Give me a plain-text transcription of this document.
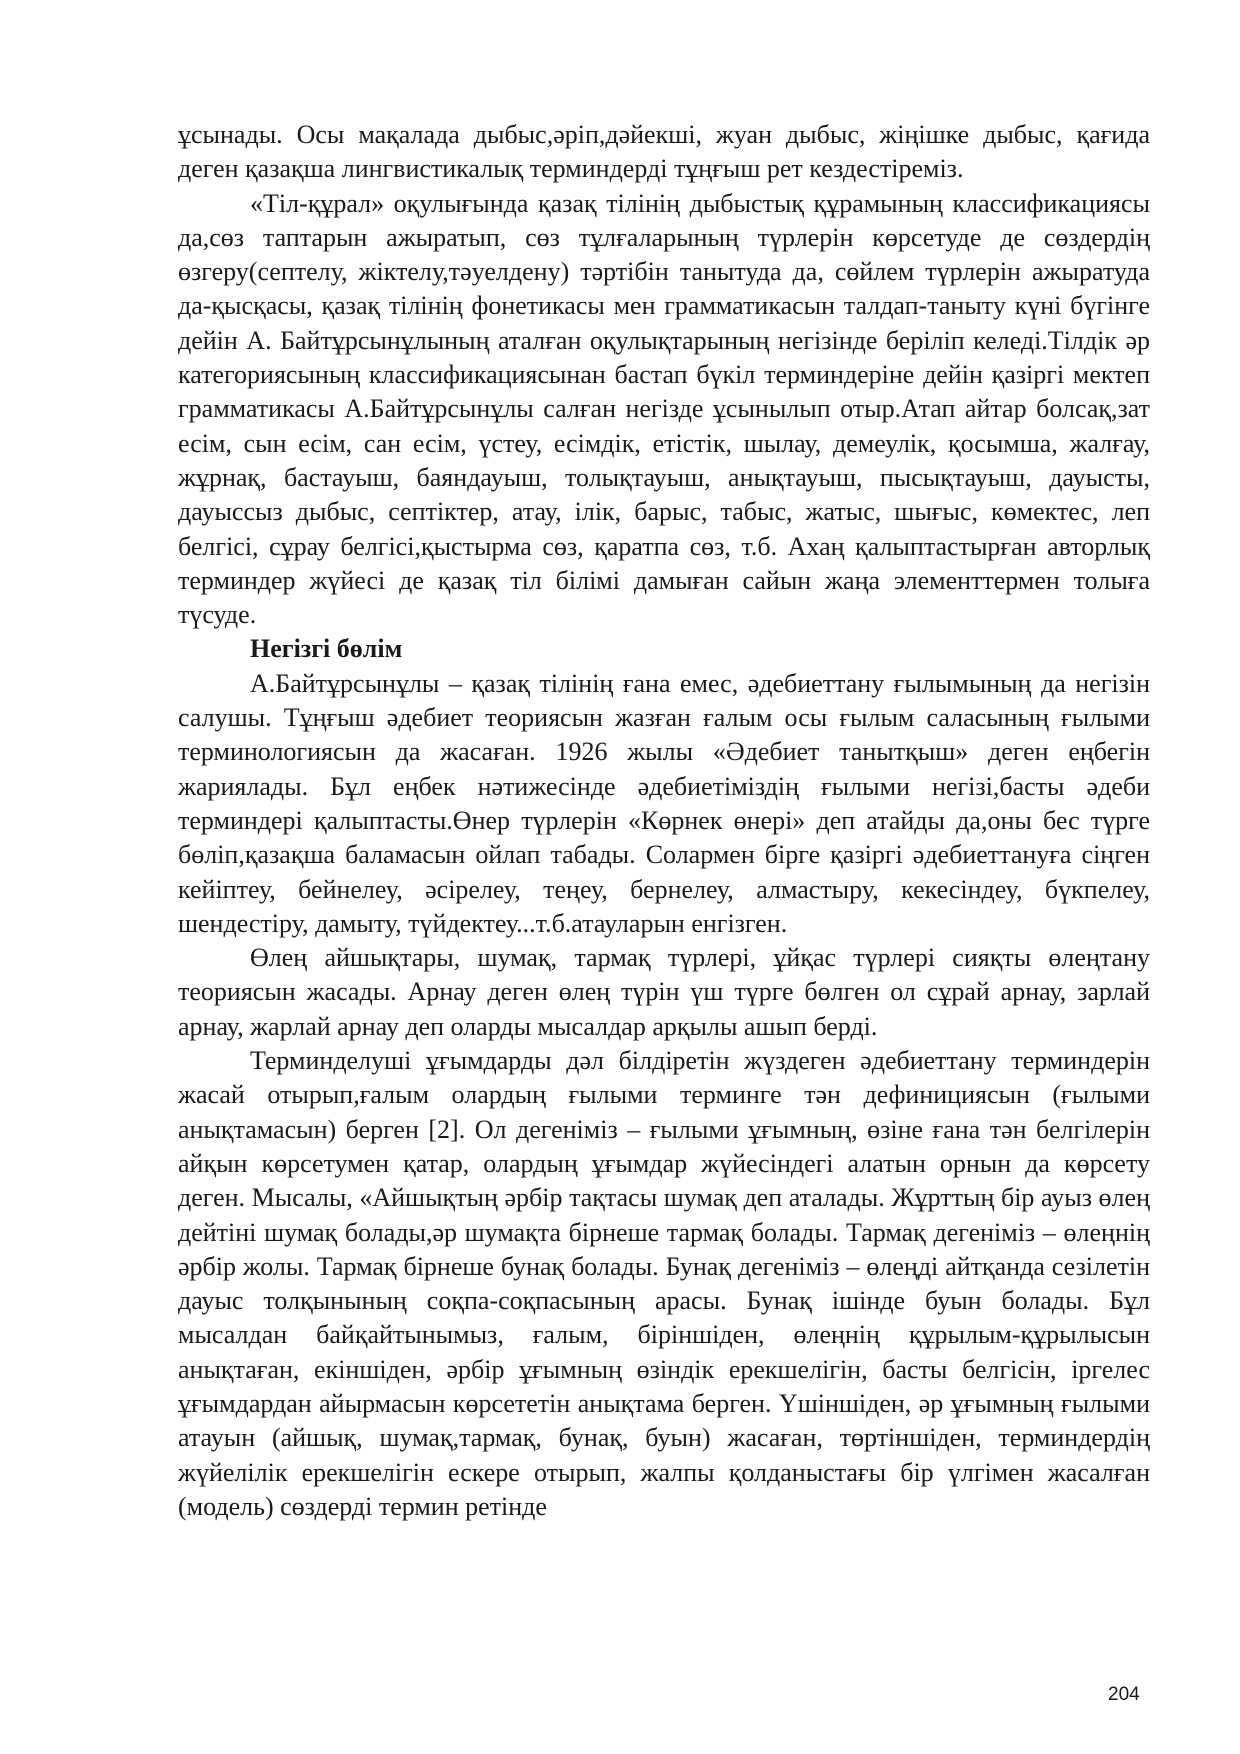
ұсынады. Осы мақалада дыбыс,әріп,дәйекші, жуан дыбыс, жіңішке дыбыс, қағида деген қазақша лингвистикалық терминдерді тұңғыш рет кездестіреміз.

«Тіл-құрал» оқулығында қазақ тілінің дыбыстық құрамының классификациясы да,сөз таптарын ажыратып, сөз тұлғаларының түрлерін көрсетуде де сөздердің өзгеру(септелу, жіктелу,тәуелдену) тәртібін танытуда да, сөйлем түрлерін ажыратуда да-қысқасы, қазақ тілінің фонетикасы мен грамматикасын талдап-таныту күні бүгінге дейін А. Байтұрсынұлының аталған оқулықтарының негізінде беріліп келеді.Тілдік әр категориясының классификациясынан бастап бүкіл терминдеріне дейін қазіргі мектеп грамматикасы А.Байтұрсынұлы салған негізде ұсынылып отыр.Атап айтар болсақ,зат есім, сын есім, сан есім, үстеу, есімдік, етістік, шылау, демеулік, қосымша, жалғау, жұрнақ, бастауыш, баяндауыш, толықтауыш, анықтауыш, пысықтауыш, дауысты, дауыссыз дыбыс, септіктер, атау, ілік, барыс, табыс, жатыс, шығыс, көмектес, леп белгісі, сұрау белгісі,қыстырма сөз, қаратпа сөз, т.б. Ахаң қалыптастырған авторлық терминдер жүйесі де қазақ тіл білімі дамыған сайын жаңа элементтермен толыға түсуде.

Негізгі бөлім

А.Байтұрсынұлы – қазақ тілінің ғана емес, әдебиеттану ғылымының да негізін салушы. Тұңғыш әдебиет теориясын жазған ғалым осы ғылым саласының ғылыми терминологиясын да жасаған. 1926 жылы «Әдебиет танытқыш» деген еңбегін жариялады. Бұл еңбек нәтижесінде әдебиетіміздің ғылыми негізі,басты әдеби терминдері қалыптасты.Өнер түрлерін «Көрнек өнері» деп атайды да,оны бес түрге бөліп,қазақша баламасын ойлап табады. Солармен бірге қазіргі әдебиеттануға сіңген кейіптеу, бейнелеу, әсірелеу, теңеу, бернелеу, алмастыру, кекесіндеу, бүкпелеу, шендестіру, дамыту, түйдектеу...т.б.атауларын енгізген.

Өлең айшықтары, шумақ, тармақ түрлері, ұйқас түрлері сияқты өлеңтану теориясын жасады. Арнау деген өлең түрін үш түрге бөлген ол сұрай арнау, зарлай арнау, жарлай арнау деп оларды мысалдар арқылы ашып берді.

Терминделуші ұғымдарды дәл білдіретін жүздеген әдебиеттану терминдерін жасай отырып,ғалым олардың ғылыми терминге тән дефинициясын (ғылыми анықтамасын) берген [2]. Ол дегеніміз – ғылыми ұғымның, өзіне ғана тән белгілерін айқын көрсетумен қатар, олардың ұғымдар жүйесіндегі алатын орнын да көрсету деген. Мысалы, «Айшықтың әрбір тақтасы шумақ деп аталады. Жұрттың бір ауыз өлең дейтіні шумақ болады,әр шумақта бірнеше тармақ болады. Тармақ дегеніміз – өлеңнің әрбір жолы. Тармақ бірнеше бунақ болады. Бунақ дегеніміз – өлеңді айтқанда сезілетін дауыс толқынының соқпа-соқпасының арасы. Бунақ ішінде буын болады. Бұл мысалдан байқайтынымыз, ғалым, біріншіден, өлеңнің құрылым-құрылысын анықтаған, екіншіден, әрбір ұғымның өзіндік ерекшелігін, басты белгісін, іргелес ұғымдардан айырмасын көрсететін анықтама берген. Үшіншіден, әр ұғымның ғылыми атауын (айшық, шумақ,тармақ, бунақ, буын) жасаған, төртіншіден, терминдердің жүйелілік ерекшелігін ескере отырып, жалпы қолданыстағы бір үлгімен жасалған (модель) сөздерді термин ретінде

204
